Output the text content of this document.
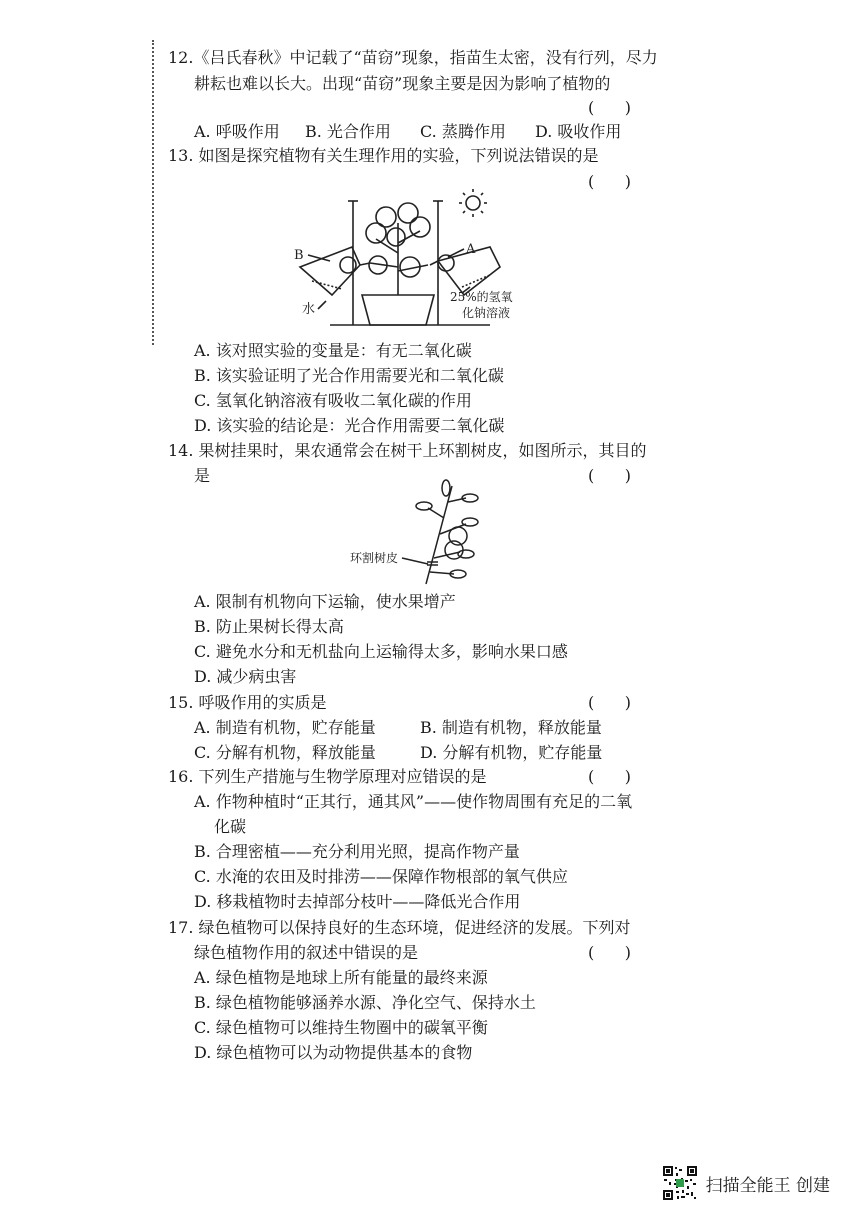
12.《吕氏春秋》中记载了“苗窃”现象，指苗生太密，没有行列，尽力
耕耘也难以长大。出现“苗窃”现象主要是因为影响了植物的
(      )
A. 呼吸作用 B. 光合作用 C. 蒸腾作用 D. 吸收作用
13. 如图是探究植物有关生理作用的实验，下列说法错误的是
(      )
B	A
水
25%的氢氧
化钠溶液
A. 该对照实验的变量是：有无二氧化碳
B. 该实验证明了光合作用需要光和二氧化碳
C. 氢氧化钠溶液有吸收二氧化碳的作用
D. 该实验的结论是：光合作用需要二氧化碳
14. 果树挂果时，果农通常会在树干上环割树皮，如图所示，其目的
是	(      )
环割树皮
A. 限制有机物向下运输，使水果增产
B. 防止果树长得太高
C. 避免水分和无机盐向上运输得太多，影响水果口感
D. 减少病虫害
15. 呼吸作用的实质是	(      )
A. 制造有机物，贮存能量	B. 制造有机物，释放能量
C. 分解有机物，释放能量	D. 分解有机物，贮存能量
16. 下列生产措施与生物学原理对应错误的是	(      )
A. 作物种植时“正其行，通其风”——使作物周围有充足的二氧
化碳
B. 合理密植——充分利用光照，提高作物产量
C. 水淹的农田及时排涝——保障作物根部的氧气供应
D. 移栽植物时去掉部分枝叶——降低光合作用
17. 绿色植物可以保持良好的生态环境，促进经济的发展。下列对
绿色植物作用的叙述中错误的是	(      )
A. 绿色植物是地球上所有能量的最终来源
B. 绿色植物能够涵养水源、净化空气、保持水土
C. 绿色植物可以维持生物圈中的碳氧平衡
D. 绿色植物可以为动物提供基本的食物
扫描全能王 创建
